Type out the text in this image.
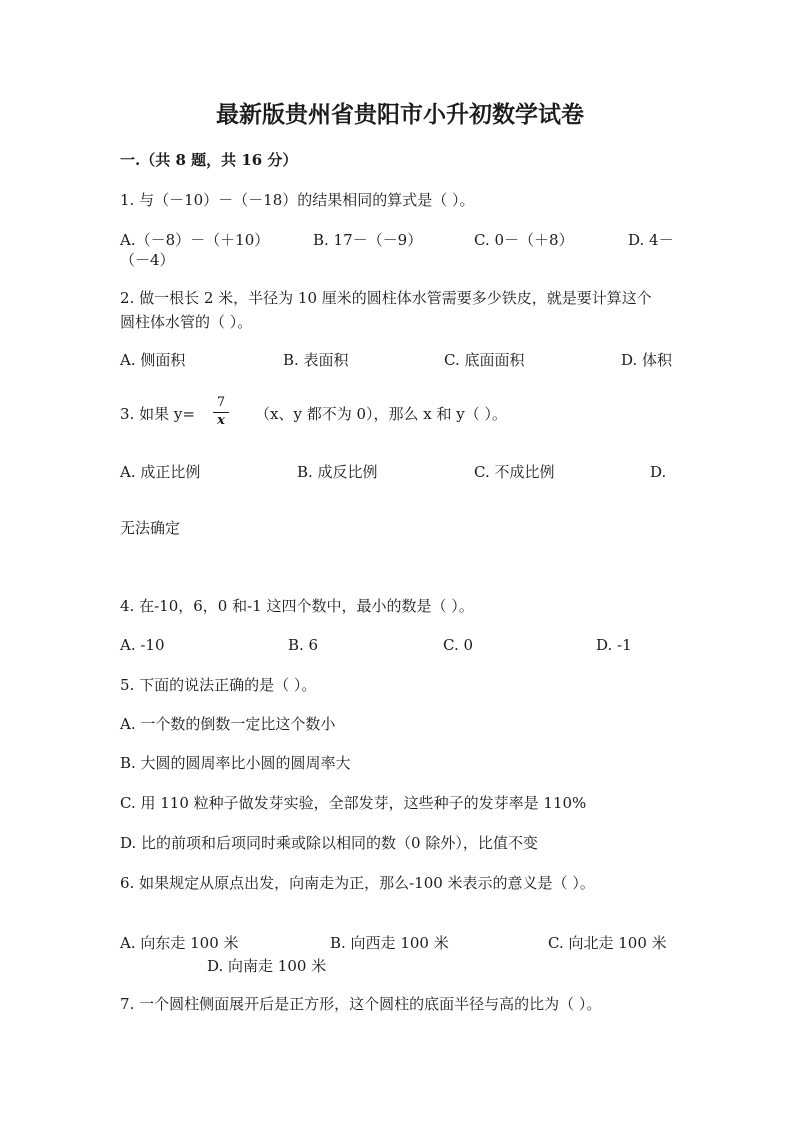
最新版贵州省贵阳市小升初数学试卷
一.（共 8 题，共 16 分）
1. 与（－10）－（－18）的结果相同的算式是（ ）。
A.（－8）－（＋10）	B. 17－（－9）	C. 0－（＋8）	D. 4－
（－4）
2. 做一根长 2 米，半径为 10 厘米的圆柱体水管需要多少铁皮，就是要计算这个
圆柱体水管的（ ）。
A. 侧面积	B. 表面积	C. 底面面积	D. 体积
3. 如果 $y= \frac{7}{x} (x$、y 都不为 0），那么 x 和 y（ ）。
A. 成正比例	B. 成反比例	C. 不成比例	D.
无法确定
4. 在-10，6，0 和-1 这四个数中，最小的数是（ ）。
A. -10	B. 6	C. 0	D. -1
5. 下面的说法正确的是（ ）。
A. 一个数的倒数一定比这个数小
B. 大圆的圆周率比小圆的圆周率大
C. 用 110 粒种子做发芽实验，全部发芽，这些种子的发芽率是 110%
D. 比的前项和后项同时乘或除以相同的数（0 除外），比值不变
6. 如果规定从原点出发，向南走为正，那么-100 米表示的意义是（ ）。
A. 向东走 100 米	B. 向西走 100 米	C. 向北走 100 米
D. 向南走 100 米
7. 一个圆柱侧面展开后是正方形，这个圆柱的底面半径与高的比为（ ）。
